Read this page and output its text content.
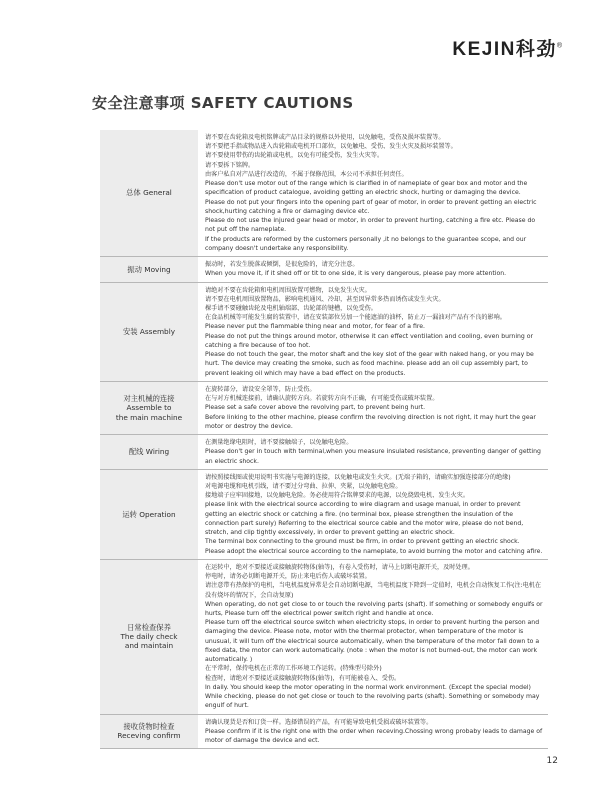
KEJIN科劲®
安全注意事项 SAFETY CAUTIONS
总体 General

请不要在齿轮箱及电机铭牌或产品目录的规格以外使用，以免触电，受伤及损坏装置等。

请不要把手指或物品进入齿轮箱或电机开口部位，以免触电、受伤、发生火灾及损坏装置等。

请不要使用带伤的齿轮箱或电机，以免有可能受伤，发生火灾等。

请不要拆下铭牌。

由客户私自对产品进行改造的，不属于保修范围，本公司不承担任何责任。

Please don't use motor out of the range which is clarified in of nameplate of gear box and motor and the specification of product catalogue, avoiding getting an electric shock, hurting or damaging the device.

Please do not put your fingers into the opening part of gear of motor, in order to prevent getting an electric shock,hurting catching a fire or damaging device etc.

Please do not use the injured gear head or motor, in order to prevent hurting, catching a fire etc. Please do not put off the nameplate.

If the products are reformed by the customers personally ,it no belongs to the guarantee scope, and our company doesn't undertake any responsibility.

振动 Moving

振动时，若发生脱落或倾倒，是很危险的，请充分注意。

When you move it, if it shed off or tit to one side, it is very dangerous, please pay more attention.

安装 Assembly

请绝对不要在齿轮箱和电机周围放置可燃物，以免发生火灾。

请不要在电机周围放置物品，影响电机通风、冷却，甚至因异常多热而诱伤或发生火灾。

棵手请不要碰触齿轮及电机轴端部、齿轮部的键槽，以免受伤。

在食品机械等可能发生腐的装置中，请在安装部位另加一个能遮油的油杯，防止万一漏油对产品有不良的影响。

Please never put the flammable thing near and motor, for fear of a fire.

Please do not put the things around motor, otherwise it can effect ventilation and cooling, even burning or catching a fire because of too hot.

Please do not touch the gear, the motor shaft and the key slot of the gear with naked hang, or you may be hurt. The device may creating the smoke, such as food machine. please add an oil cup assembly part, to prevent leaking oil which may have a bad effect on the products.

对主机械的连接
Assemble to
the main machine

在旋转部分，请设安全罩等，防止受伤。

在与对方机械连接前，请确认旋转方向。若旋转方向不正确，有可能受伤或破坏装置。

Please set a safe cover above the revolving part, to prevent being hurt.

Before linking to the other machine, please confirm the revolving direction is not right, it may hurt the gear motor or destroy the device.

配线 Wiring

在测量绝缘电阻时，请不要接触端子，以免触电危险。

Please don't ger in touch with terminal,when you measure insulated resistance, preventing danger of getting an electric shock.

运转 Operation

请按照接线图或使用说明书实施与电源的连接，以免触电或发生火灾。(无端子箱的，请确实加强连接部分的绝缘)

对电源电缆和电机引线，请不要过分弯曲、拉伸、夹紧，以免触电危险。

接地端子应牢固接地，以免触电危险。务必使用符合铭牌要求的电源，以免烧毁电机、发生火灾。

please link with the electrical source according to wire diagram and usage manual, in order to prevent getting an electric shock or catching a fire. (no terminal box, please strengthen the insulation of the connection part surely) Referring to the electrical source cable and the motor wire, please do not bend, stretch, and clip tightly excessively, in order to prevent getting an electric shock.

The terminal box connecting to the ground must be firm, in order to prevent getting an electric shock.

Please adopt the electrical source according to the nameplate, to avoid burning the motor and catching afire.

日常检查保养
The daily check
and maintain

在运转中，绝对不要接近或接触旋转物体(轴等)，有卷入受伤时，请马上切断电源开关，及时处理。

停电时，请务必切断电源开关，防止来电后伤人或破坏装置。

请注意带有热保护的电机，当电机温度异常是会自动切断电源，当电机温度下降到一定值时，电机会自动恢复工作(注:电机在没有烧坏的情况下，会自动复原)

When operating, do not get close to or touch the revolving parts (shaft). If something or somebody engulfs or hurts, Please turn off the electrical power switch right and handle at once.

Please turn off the electrical source switch when electricity stops, in order to prevent hurting the person and damaging the device. Please note, motor with the thermal protector, when temperature of the motor is unusual, it will turn off the electrical source automatically, when the temperature of the motor fall down to a fixed data, the motor can work automatically. (note : when the motor is not burned-out, the motor can work automatically. )

在平常时，保持电机在正常的工作环境工作运转。(特殊型号除外)

检查时，请绝对不要接近或接触旋转物体(轴等)，有可能被卷入、受伤。

In daily. You should keep the motor operating in the normal work environment. (Except the special model)

While checking, please do not get close or touch to the revolving parts (shaft). Something or somebody may engulf of hurt.

接收货物时检查
Receving confirm

请确认现货是否和订货一样。选择错误的产品，有可能导致电机受损或破坏装置等。

Please confirm if it is the right one with the order when receving.Chossing wrong probaby leads to damage of motor of damage the device and ect.

12
